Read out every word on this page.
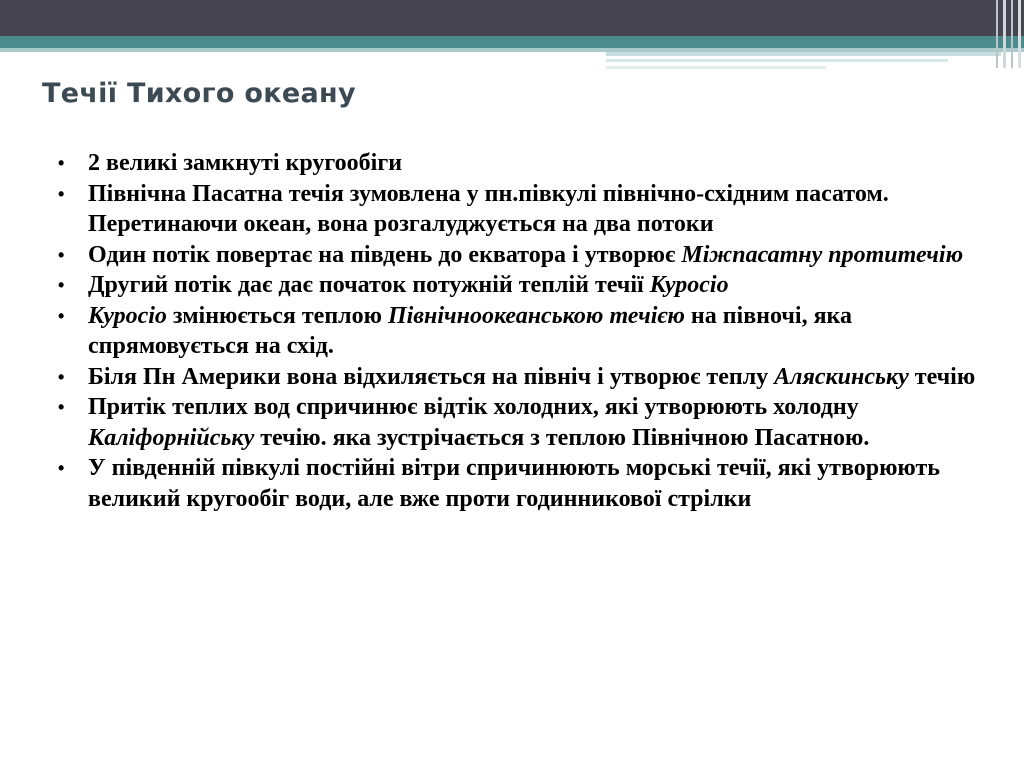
Течії Тихого океану
• 2 великі замкнуті кругообіги
• Північна Пасатна течія зумовлена у пн.півкулі північно-східним пасатом. Перетинаючи океан, вона розгалуджується на два потоки
• Один потік повертає на південь до екватора і утворює Міжпасатну протитечію
• Другий потік дає дає початок потужній теплій течії Куросіо
• Куросіо змінюється теплою Північноокеанською течією на півночі, яка спрямовується на схід.
• Біля Пн Америки вона відхиляється на північ і утворює теплу Аляскинську течію
• Притік теплих вод спричинює відтік холодних, які утворюють холодну Каліфорнійську течію. яка зустрічається з теплою Північною Пасатною.
• У південній півкулі постійні вітри спричинюють морські течії, які утворюють великий кругообіг води, але вже проти годинникової стрілки
